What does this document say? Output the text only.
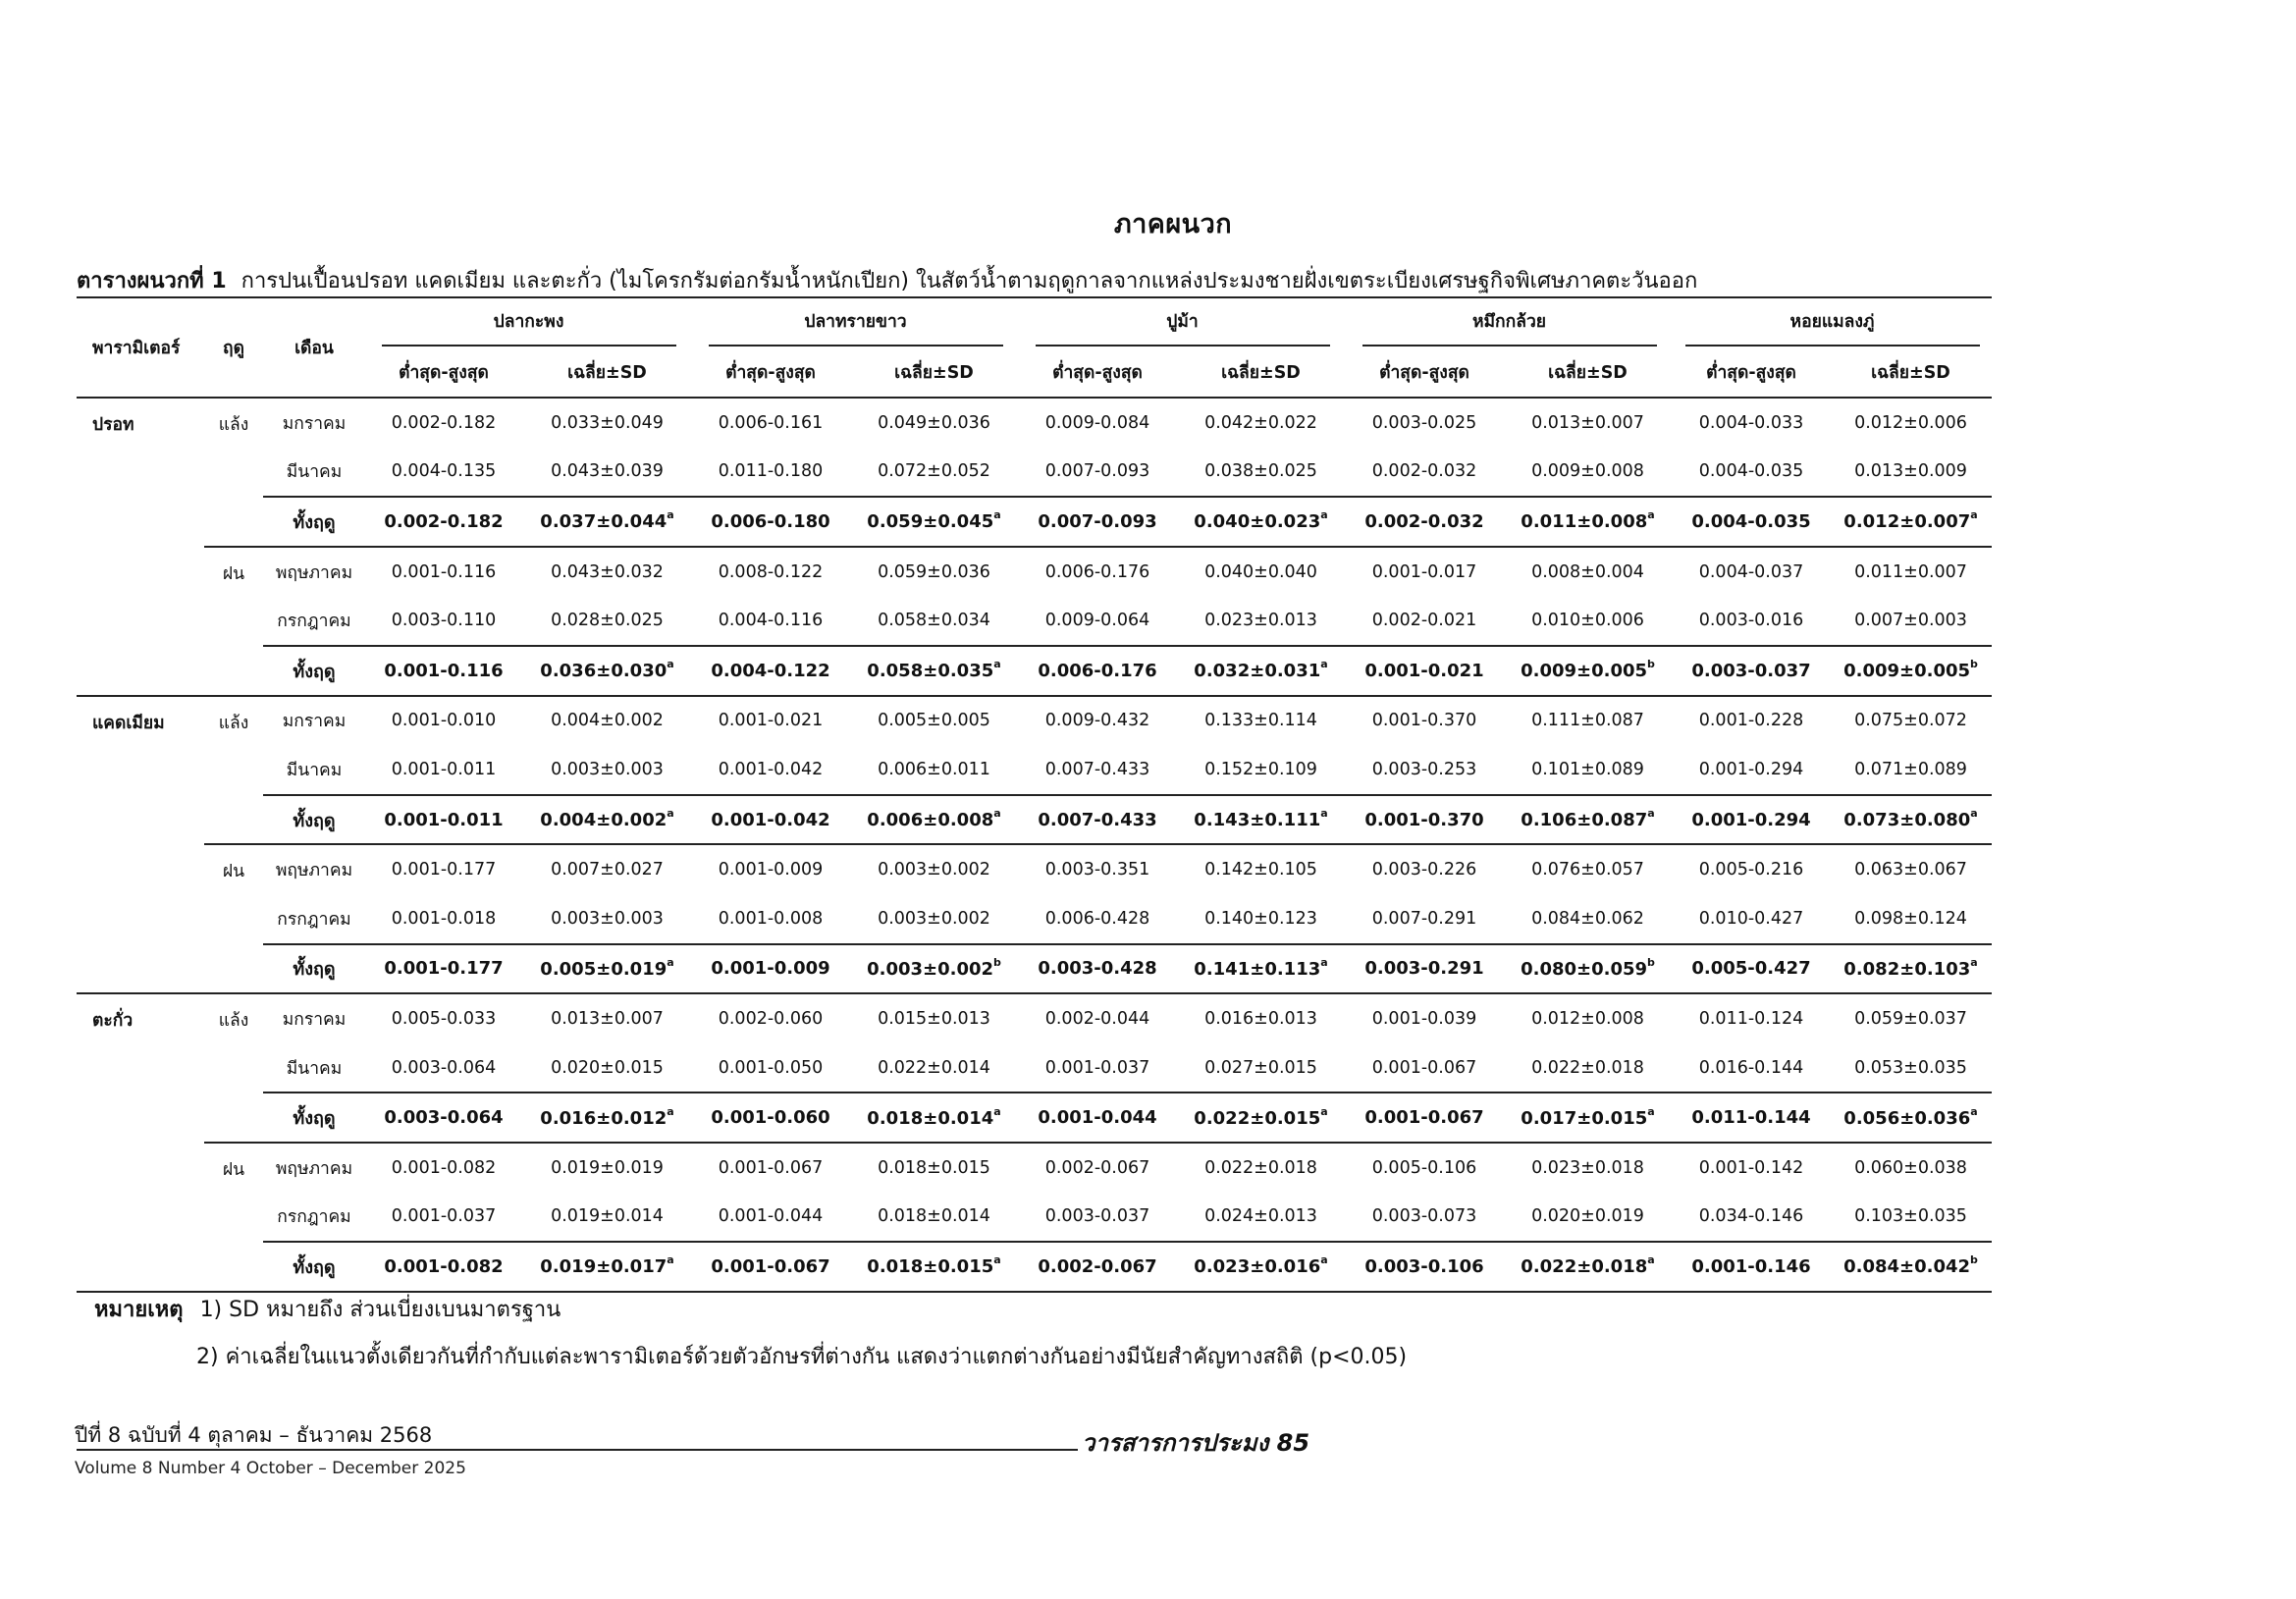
ภาคผนวก
ตารางผนวกที่ 1 การปนเปื้อนปรอท แคดเมียม และตะกั่ว (ไมโครกรัมต่อกรัมน้ำหนักเปียก) ในสัตว์น้ำตามฤดูกาลจากแหล่งประมงชายฝั่งเขตระเบียงเศรษฐกิจพิเศษภาคตะวันออก
พารามิเตอร์	ฤดู	เดือน	ปลากะพง		ปลาทรายขาว		ปูม้า		หมึกกล้วย		หอยแมลงภู่	
			ต่ำสุด-สูงสุด	เฉลี่ย±SD	ต่ำสุด-สูงสุด	เฉลี่ย±SD	ต่ำสุด-สูงสุด	เฉลี่ย±SD	ต่ำสุด-สูงสุด	เฉลี่ย±SD	ต่ำสุด-สูงสุด	เฉลี่ย±SD
ปรอท	แล้ง	มกราคม	0.002-0.182	0.033±0.049	0.006-0.161	0.049±0.036	0.009-0.084	0.042±0.022	0.003-0.025	0.013±0.007	0.004-0.033	0.012±0.006
		มีนาคม	0.004-0.135	0.043±0.039	0.011-0.180	0.072±0.052	0.007-0.093	0.038±0.025	0.002-0.032	0.009±0.008	0.004-0.035	0.013±0.009
		ทั้งฤดู	0.002-0.182	0.037±0.044$^a$	0.006-0.180	0.059±0.045$^a$	0.007-0.093	0.040±0.023$^a$	0.002-0.032	0.011±0.008$^a$	0.004-0.035	0.012±0.007$^a$
	ฝน	พฤษภาคม	0.001-0.116	0.043±0.032	0.008-0.122	0.059±0.036	0.006-0.176	0.040±0.040	0.001-0.017	0.008±0.004	0.004-0.037	0.011±0.007
		กรกฎาคม	0.003-0.110	0.028±0.025	0.004-0.116	0.058±0.034	0.009-0.064	0.023±0.013	0.002-0.021	0.010±0.006	0.003-0.016	0.007±0.003
		ทั้งฤดู	0.001-0.116	0.036±0.030$^a$	0.004-0.122	0.058±0.035$^a$	0.006-0.176	0.032±0.031$^a$	0.001-0.021	0.009±0.005$^b$	0.003-0.037	0.009±0.005$^b$
แคดเมียม	แล้ง	มกราคม	0.001-0.010	0.004±0.002	0.001-0.021	0.005±0.005	0.009-0.432	0.133±0.114	0.001-0.370	0.111±0.087	0.001-0.228	0.075±0.072
		มีนาคม	0.001-0.011	0.003±0.003	0.001-0.042	0.006±0.011	0.007-0.433	0.152±0.109	0.003-0.253	0.101±0.089	0.001-0.294	0.071±0.089
		ทั้งฤดู	0.001-0.011	0.004±0.002$^a$	0.001-0.042	0.006±0.008$^a$	0.007-0.433	0.143±0.111$^a$	0.001-0.370	0.106±0.087$^a$	0.001-0.294	0.073±0.080$^a$
	ฝน	พฤษภาคม	0.001-0.177	0.007±0.027	0.001-0.009	0.003±0.002	0.003-0.351	0.142±0.105	0.003-0.226	0.076±0.057	0.005-0.216	0.063±0.067
		กรกฎาคม	0.001-0.018	0.003±0.003	0.001-0.008	0.003±0.002	0.006-0.428	0.140±0.123	0.007-0.291	0.084±0.062	0.010-0.427	0.098±0.124
		ทั้งฤดู	0.001-0.177	0.005±0.019$^a$	0.001-0.009	0.003±0.002$^b$	0.003-0.428	0.141±0.113$^a$	0.003-0.291	0.080±0.059$^b$	0.005-0.427	0.082±0.103$^a$
ตะกั่ว	แล้ง	มกราคม	0.005-0.033	0.013±0.007	0.002-0.060	0.015±0.013	0.002-0.044	0.016±0.013	0.001-0.039	0.012±0.008	0.011-0.124	0.059±0.037
		มีนาคม	0.003-0.064	0.020±0.015	0.001-0.050	0.022±0.014	0.001-0.037	0.027±0.015	0.001-0.067	0.022±0.018	0.016-0.144	0.053±0.035
		ทั้งฤดู	0.003-0.064	0.016±0.012$^a$	0.001-0.060	0.018±0.014$^a$	0.001-0.044	0.022±0.015$^a$	0.001-0.067	0.017±0.015$^a$	0.011-0.144	0.056±0.036$^a$
	ฝน	พฤษภาคม	0.001-0.082	0.019±0.019	0.001-0.067	0.018±0.015	0.002-0.067	0.022±0.018	0.005-0.106	0.023±0.018	0.001-0.142	0.060±0.038
		กรกฎาคม	0.001-0.037	0.019±0.014	0.001-0.044	0.018±0.014	0.003-0.037	0.024±0.013	0.003-0.073	0.020±0.019	0.034-0.146	0.103±0.035
		ทั้งฤดู	0.001-0.082	0.019±0.017$^a$	0.001-0.067	0.018±0.015$^a$	0.002-0.067	0.023±0.016$^a$	0.003-0.106	0.022±0.018$^a$	0.001-0.146	0.084±0.042$^b$
หมายเหตุ 1) SD หมายถึง ส่วนเบี่ยงเบนมาตรฐาน
2) ค่าเฉลี่ยในแนวตั้งเดียวกันที่กำกับแต่ละพารามิเตอร์ด้วยตัวอักษรที่ต่างกัน แสดงว่าแตกต่างกันอย่างมีนัยสำคัญทางสถิติ (p<0.05)
ปีที่ 8 ฉบับที่ 4 ตุลาคม – ธันวาคม 2568	วารสารการประมง 85
Volume 8 Number 4 October – December 2025
